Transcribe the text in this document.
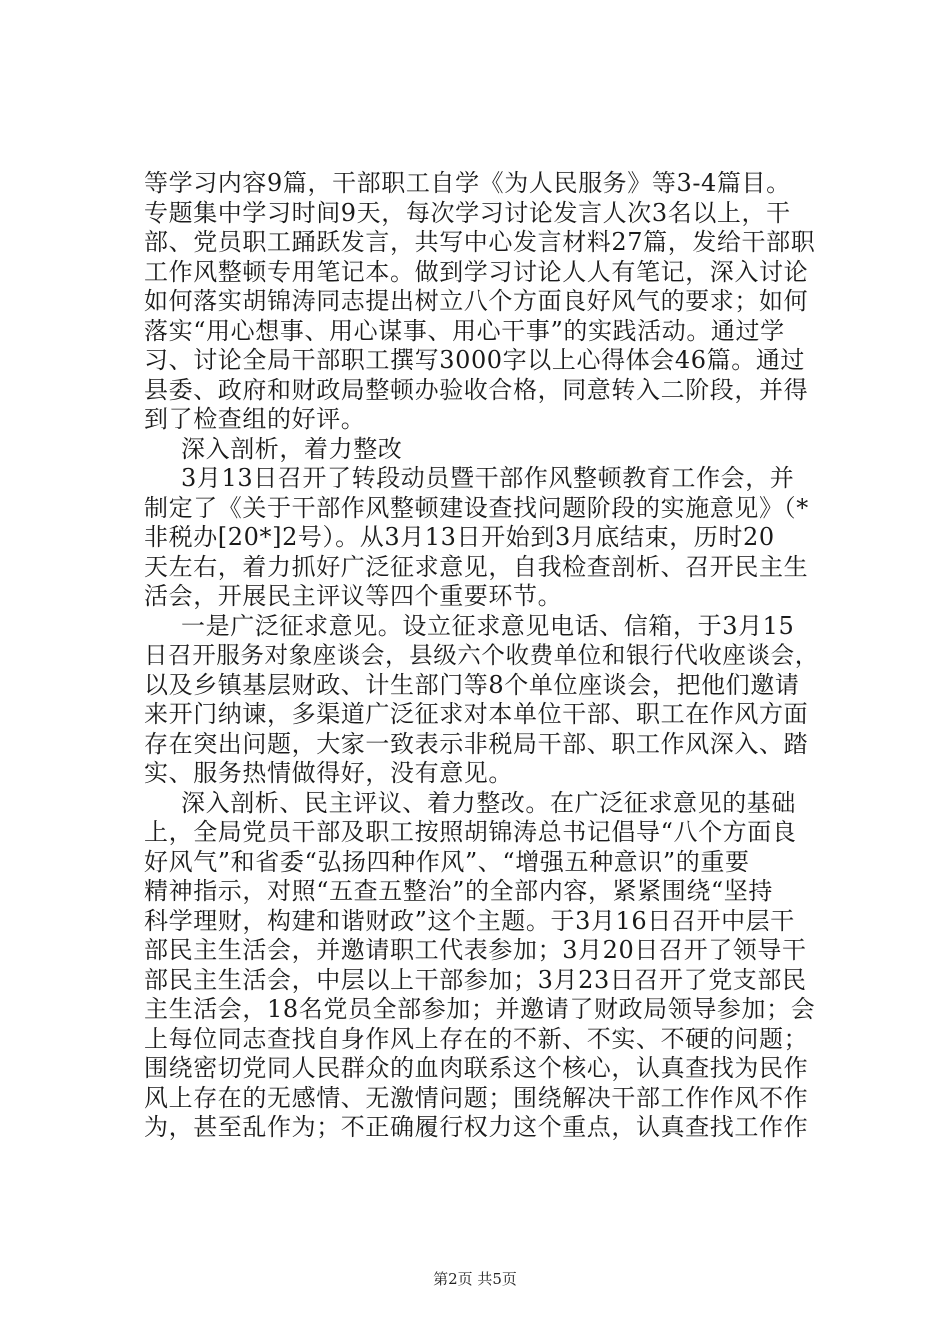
等学习内容9篇，干部职工自学《为人民服务》等3-4篇目。
专题集中学习时间9天，每次学习讨论发言人次3名以上，干
部、党员职工踊跃发言，共写中心发言材料27篇，发给干部职
工作风整顿专用笔记本。做到学习讨论人人有笔记，深入讨论
如何落实胡锦涛同志提出树立八个方面良好风气的要求；如何
落实“用心想事、用心谋事、用心干事”的实践活动。通过学
习、讨论全局干部职工撰写3000字以上心得体会46篇。通过
县委、政府和财政局整顿办验收合格，同意转入二阶段，并得
到了检查组的好评。
深入剖析，着力整改
3月13日召开了转段动员暨干部作风整顿教育工作会，并
制定了《关于干部作风整顿建设查找问题阶段的实施意见》（*
非税办[20*]2号）。从3月13日开始到3月底结束，历时20
天左右，着力抓好广泛征求意见，自我检查剖析、召开民主生
活会，开展民主评议等四个重要环节。
一是广泛征求意见。设立征求意见电话、信箱，于3月15
日召开服务对象座谈会，县级六个收费单位和银行代收座谈会，
以及乡镇基层财政、计生部门等8个单位座谈会，把他们邀请
来开门纳谏，多渠道广泛征求对本单位干部、职工在作风方面
存在突出问题，大家一致表示非税局干部、职工作风深入、踏
实、服务热情做得好，没有意见。
深入剖析、民主评议、着力整改。在广泛征求意见的基础
上，全局党员干部及职工按照胡锦涛总书记倡导“八个方面良
好风气”和省委“弘扬四种作风”、“增强五种意识”的重要
精神指示，对照“五查五整治”的全部内容，紧紧围绕“坚持
科学理财，构建和谐财政”这个主题。于3月16日召开中层干
部民主生活会，并邀请职工代表参加；3月20日召开了领导干
部民主生活会，中层以上干部参加；3月23日召开了党支部民
主生活会，18名党员全部参加；并邀请了财政局领导参加；会
上每位同志查找自身作风上存在的不新、不实、不硬的问题；
围绕密切党同人民群众的血肉联系这个核心，认真查找为民作
风上存在的无感情、无激情问题；围绕解决干部工作作风不作
为，甚至乱作为；不正确履行权力这个重点，认真查找工作作
第2页 共5页
